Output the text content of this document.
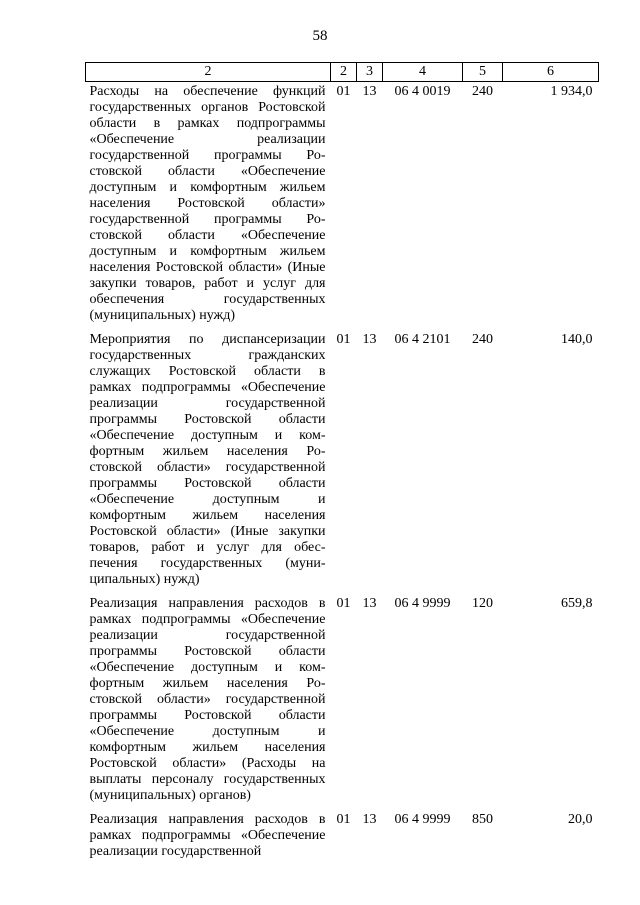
58
2	2	3	4	5	6
Расходы на обеспечение функций государственных органов Ростовской области в рамках подпрограммы «Обеспечение реализации государственной программы Ростовской области «Обеспечение доступным и комфортным жильем населения Ростовской области» государственной программы Ростовской области «Обеспечение доступным и комфортным жильем населения Ростовской области» (Иные закупки товаров, работ и услуг для обеспечения государственных (муниципальных) нужд)	01	13	06 4 0019	240	1 934,0
Мероприятия по диспансеризации государственных гражданских служащих Ростовской области в рамках подпрограммы «Обеспечение реализации государственной программы Ростовской области «Обеспечение доступным и комфортным жильем населения Ростовской области» государственной программы Ростовской области «Обеспечение доступным и комфортным жильем населения Ростовской области» (Иные закупки товаров, работ и услуг для обеспечения государственных (муниципальных) нужд)	01	13	06 4 2101	240	140,0
Реализация направления расходов в рамках подпрограммы «Обеспечение реализации государственной программы Ростовской области «Обеспечение доступным и комфортным жильем населения Ростовской области» государственной программы Ростовской области «Обеспечение доступным и комфортным жильем населения Ростовской области» (Расходы на выплаты персоналу государственных (муниципальных) органов)	01	13	06 4 9999	120	659,8
Реализация направления расходов в рамках подпрограммы «Обеспечение реализации государственной	01	13	06 4 9999	850	20,0
